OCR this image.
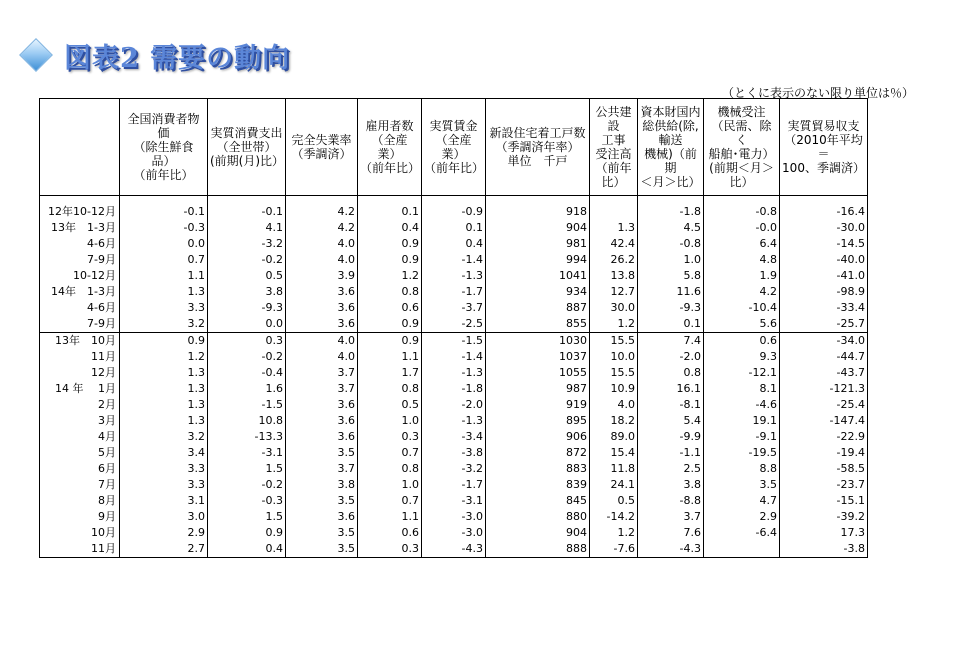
図表2 需要の動向
（とくに表示のない限り単位は％）
	全国消費者物価
（除生鮮食品）
（前年比）	実質消費支出
（全世帯）
(前期(月)比）	完全失業率
（季調済）	雇用者数
（全産業）
（前年比）	実質賃金
（全産業）
（前年比）	新設住宅着工戸数
（季調済年率）
単位　千戸	公共建設
工事
受注高
（前年比）	資本財国内
総供給(除,
輸送
機械)（前期
＜月＞比）	機械受注
（民需、除く
船舶･電力）
(前期＜月＞
比）	実質貿易収支
（2010年平均＝
100、季調済）

12年10-12月	-0.1	-0.1	4.2	0.1	-0.9	918		-1.8	-0.8	-16.4
13年　1-3月	-0.3	4.1	4.2	0.4	0.1	904	1.3	4.5	-0.0	-30.0
4-6月	0.0	-3.2	4.0	0.9	0.4	981	42.4	-0.8	6.4	-14.5
7-9月	0.7	-0.2	4.0	0.9	-1.4	994	26.2	1.0	4.8	-40.0
10-12月	1.1	0.5	3.9	1.2	-1.3	1041	13.8	5.8	1.9	-41.0
14年　1-3月	1.3	3.8	3.6	0.8	-1.7	934	12.7	11.6	4.2	-98.9
4-6月	3.3	-9.3	3.6	0.6	-3.7	887	30.0	-9.3	-10.4	-33.4
7-9月	3.2	0.0	3.6	0.9	-2.5	855	1.2	0.1	5.6	-25.7
13年　10月	0.9	0.3	4.0	0.9	-1.5	1030	15.5	7.4	0.6	-34.0
11月	1.2	-0.2	4.0	1.1	-1.4	1037	10.0	-2.0	9.3	-44.7
12月	1.3	-0.4	3.7	1.7	-1.3	1055	15.5	0.8	-12.1	-43.7
14 年　 1月	1.3	1.6	3.7	0.8	-1.8	987	10.9	16.1	8.1	-121.3
2月	1.3	-1.5	3.6	0.5	-2.0	919	4.0	-8.1	-4.6	-25.4
3月	1.3	10.8	3.6	1.0	-1.3	895	18.2	5.4	19.1	-147.4
4月	3.2	-13.3	3.6	0.3	-3.4	906	89.0	-9.9	-9.1	-22.9
5月	3.4	-3.1	3.5	0.7	-3.8	872	15.4	-1.1	-19.5	-19.4
6月	3.3	1.5	3.7	0.8	-3.2	883	11.8	2.5	8.8	-58.5
7月	3.3	-0.2	3.8	1.0	-1.7	839	24.1	3.8	3.5	-23.7
8月	3.1	-0.3	3.5	0.7	-3.1	845	0.5	-8.8	4.7	-15.1
9月	3.0	1.5	3.6	1.1	-3.0	880	-14.2	3.7	2.9	-39.2
10月	2.9	0.9	3.5	0.6	-3.0	904	1.2	7.6	-6.4	17.3
11月	2.7	0.4	3.5	0.3	-4.3	888	-7.6	-4.3		-3.8
